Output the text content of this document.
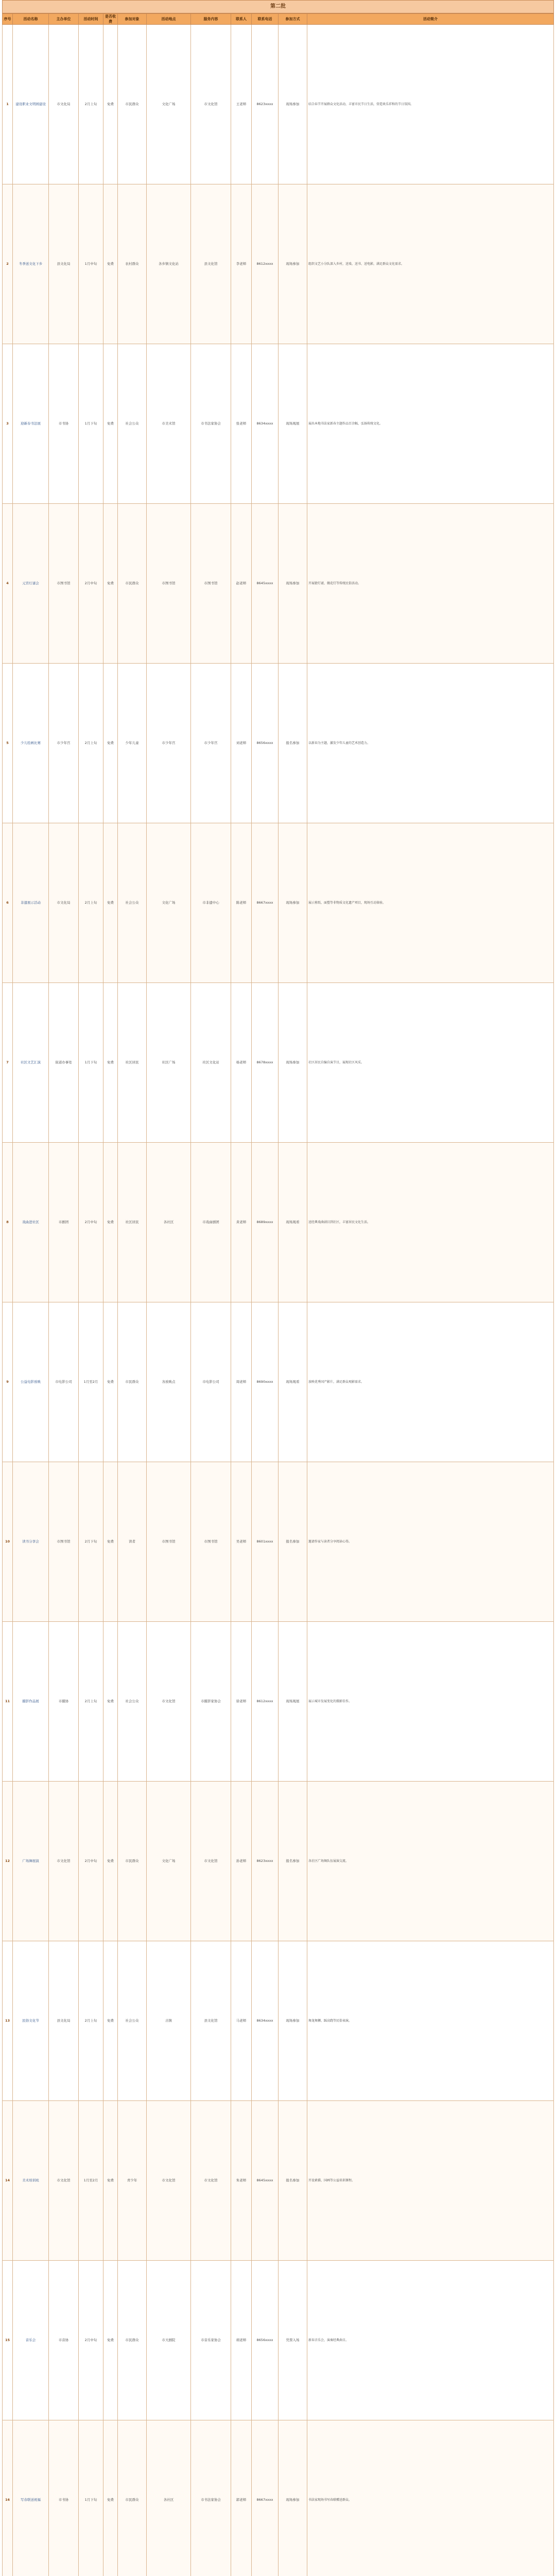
第二批
序号	活动名称	主办单位	活动时间	是否收费	参加对象	活动地点	服务内容	联系人	联系电话	参加方式	活动简介
1	建设职业文明园建设	市文化局	2月上旬	免费	市民群众	文化广场	市文化馆	王老师	8623xxxx	现场参加	结合春节开展群众文化活动，丰富市民节日生活，营造欢乐祥和的节日氛围。
2	冬季送文化下乡	县文化局	1月中旬	免费	农村群众	各乡镇文化站	县文化馆	李老师	8612xxxx	现场参加	组织文艺小分队深入乡村，送戏、送书、送电影，满足群众文化需求。
3	迎新春书法展	市书协	1月下旬	免费	社会公众	市美术馆	市书法家协会	张老师	8634xxxx	现场观展	展出本地书法家新春主题作品百余幅，弘扬传统文化。
4	元宵灯谜会	市图书馆	2月中旬	免费	市民群众	市图书馆	市图书馆	赵老师	8645xxxx	现场参加	开展猜灯谜、做花灯等传统民俗活动。
5	少儿绘画比赛	市少年宫	2月上旬	免费	少年儿童	市少年宫	市少年宫	刘老师	8656xxxx	报名参加	以新春为主题，激发少年儿童的艺术创造力。
6	非遗展示活动	市文化局	2月上旬	免费	社会公众	文化广场	市非遗中心	陈老师	8667xxxx	现场参加	展示剪纸、面塑等非物质文化遗产项目，现场互动体验。
7	社区文艺汇演	街道办事处	1月下旬	免费	社区居民	社区广场	社区文化站	杨老师	8678xxxx	现场参加	社区居民自编自演节目，展现社区风采。
8	戏曲进社区	市剧团	2月中旬	免费	社区居民	各社区	市戏曲剧团	黄老师	8689xxxx	现场观看	送经典戏曲剧目到社区，丰富居民文化生活。
9	公益电影放映	市电影公司	1月至2月	免费	市民群众	各放映点	市电影公司	周老师	8690xxxx	现场观看	放映优秀国产影片，满足群众观影需求。
10	读书分享会	市图书馆	2月下旬	免费	读者	市图书馆	市图书馆	吴老师	8601xxxx	报名参加	邀请作家与读者分享阅读心得。
11	摄影作品展	市摄协	2月上旬	免费	社会公众	市文化馆	市摄影家协会	徐老师	8612xxxx	现场观展	展示城市发展变化的摄影佳作。
12	广场舞展演	市文化馆	2月中旬	免费	市民群众	文化广场	市文化馆	孙老师	8623xxxx	报名参加	各社区广场舞队伍展演交流。
13	民俗文化节	县文化局	2月上旬	免费	社会公众	古镇	县文化馆	马老师	8634xxxx	现场参加	舞龙舞狮、踩高跷等民俗表演。
14	美术培训班	市文化馆	1月至2月	免费	青少年	市文化馆	市文化馆	朱老师	8645xxxx	报名参加	开设素描、国画等公益培训课程。
15	音乐会	市音协	2月中旬	免费	市民群众	市大剧院	市音乐家协会	胡老师	8656xxxx	凭票入场	新春音乐会，演奏经典曲目。
16	写春联送祝福	市书协	1月下旬	免费	市民群众	各社区	市书法家协会	郭老师	8667xxxx	现场参加	书法家现场书写春联赠送群众。
